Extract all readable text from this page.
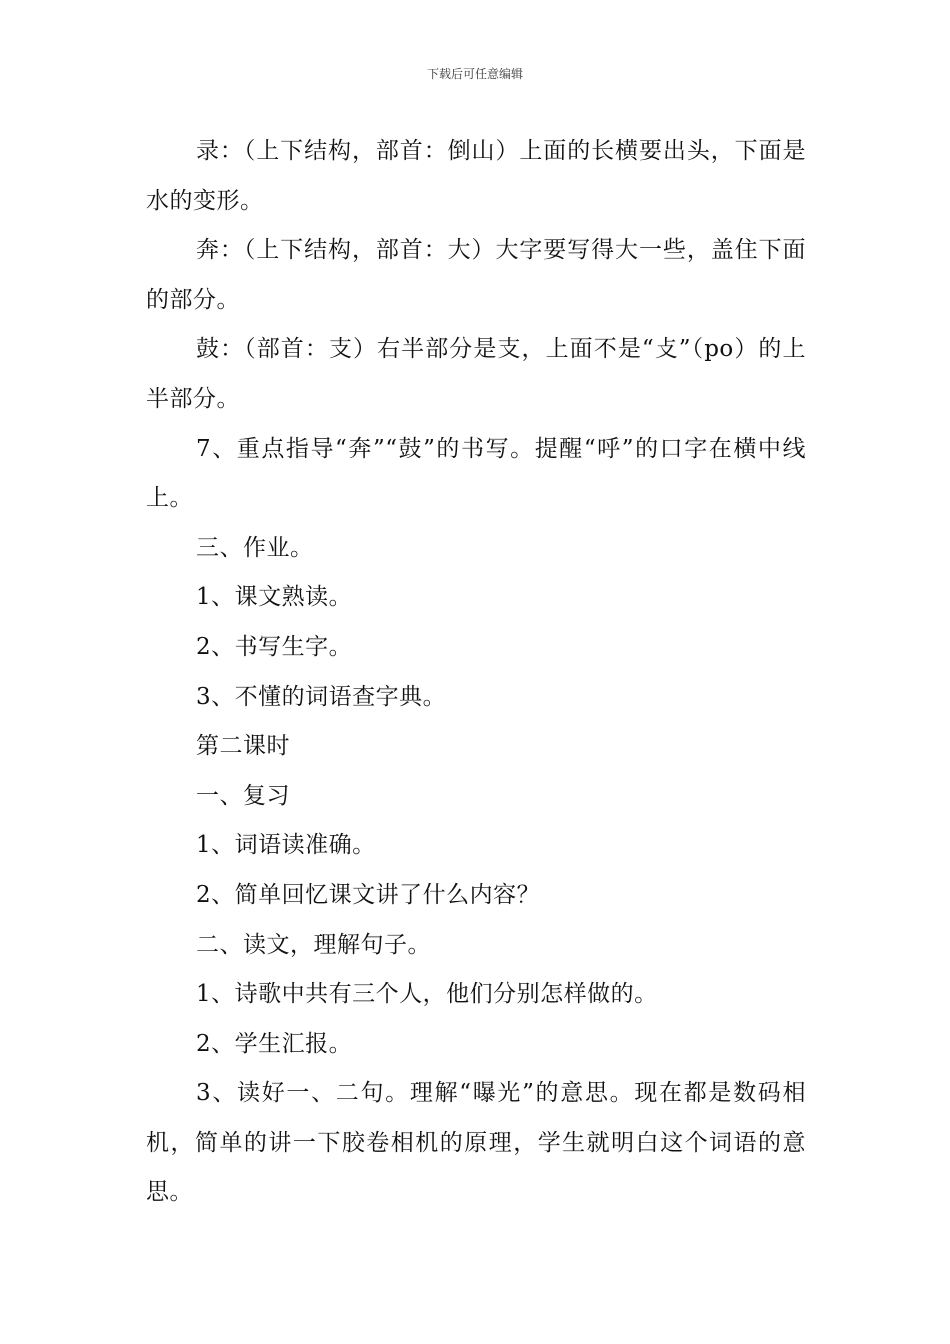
下载后可任意编辑

录：（上下结构，部首：倒山）上面的长横要出头，下面是水的变形。

奔：（上下结构，部首：大）大字要写得大一些，盖住下面的部分。

鼓：（部首：支）右半部分是支，上面不是“攴”（po）的上半部分。

7、重点指导“奔”“鼓”的书写。提醒“呼”的口字在横中线上。

三、作业。

1、课文熟读。

2、书写生字。

3、不懂的词语查字典。

第二课时

一、复习

1、词语读准确。

2、简单回忆课文讲了什么内容？

二、读文，理解句子。

1、诗歌中共有三个人，他们分别怎样做的。

2、学生汇报。

3、读好一、二句。理解“曝光”的意思。现在都是数码相机，简单的讲一下胶卷相机的原理，学生就明白这个词语的意思。
